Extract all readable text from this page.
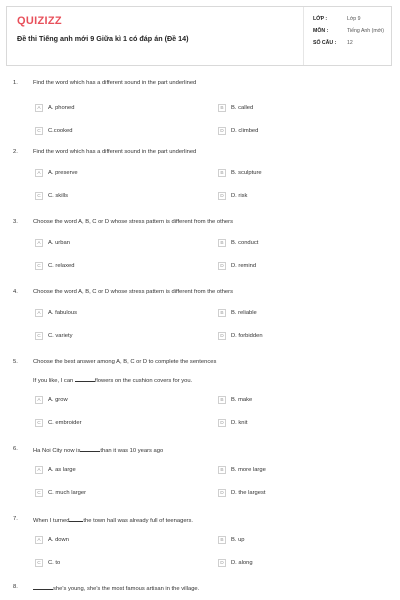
QUIZIZZ
Đề thi Tiếng anh mới 9 Giữa kì 1 có đáp án (Đề 14)
LỚP :	Lớp 9
MÔN :	Tiếng Anh (mới)
SỐ CÂU : 12
1.	Find the word which has a different sound in the part underlined
A	A. phoned	B	B. called
C	C.cooked	D	D. climbed
2.	Find the word which has a different sound in the part underlined
A	A. preserve	B	B. sculpture
C	C. skills	D	D. risk
3.	Choose the word A, B, C or D whose stress pattern is different from the others
A	A. urban	B	B. conduct
C	C. relaxed	D	D. remind
4.	Choose the word A, B, C or D whose stress pattern is different from the others
A	A. fabulous	B	B. reliable
C	C. variety	D	D. forbidden
5.	Choose the best answer among A, B, C or D to complete the sentences
If you like, I can	flowers on the cushion covers for you.
A	A. grow	B	B. make
C	C. embroider	D	D. knit
6.	Ha Noi City now is	than it was 10 years ago
A	A. as large	B	B. more large
C	C. much larger	D	D. the largest
7.	When I turned the town hall was already full of teenagers.
A	A. down	B	B. up
C	C. to	D	D. along
8.	she's young, she's the most famous artisan in the village.
